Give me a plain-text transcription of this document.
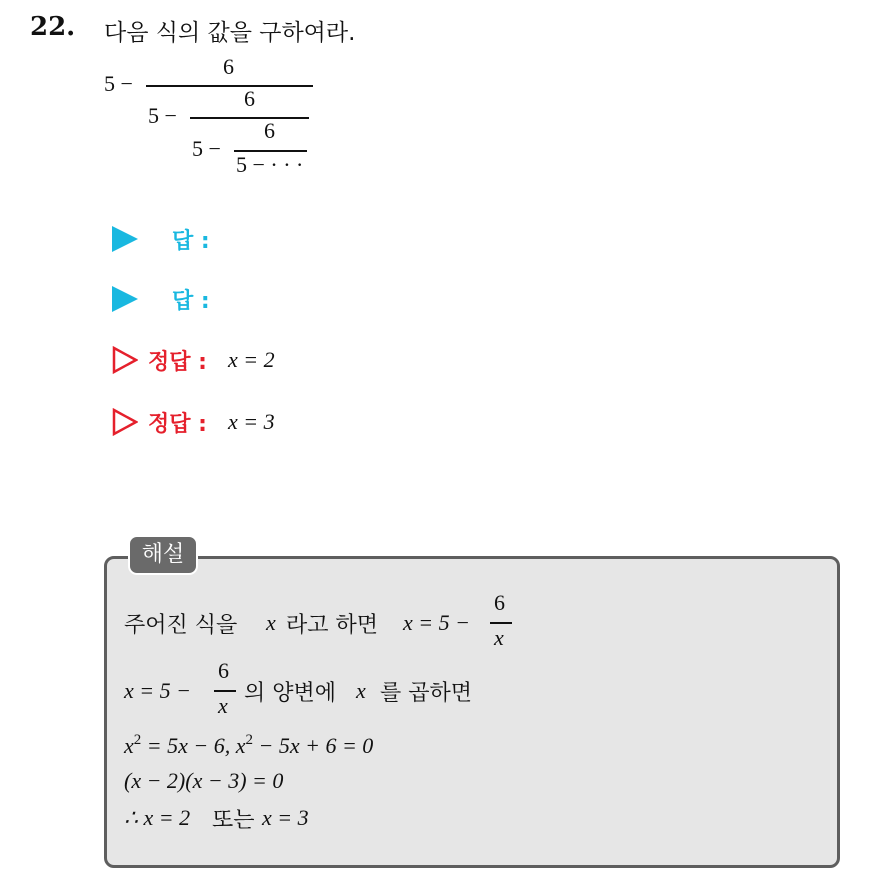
22. 다음 식의 값을 구하여라.
5 −
6
5 −
6
5 −
6
5 − · · ·
답 :
답 :
정답 : x = 2
정답 : x = 3
해설
주어진 식을 x 라고 하면 x = 5 −
6
x
x = 5 −
6
x 의 양변에 x 를 곱하면
$x^2 = 5x - 6$, $x^2 - 5x + 6 = 0$
(x − 2)(x − 3) = 0
∴ x = 2 또는 x = 3
